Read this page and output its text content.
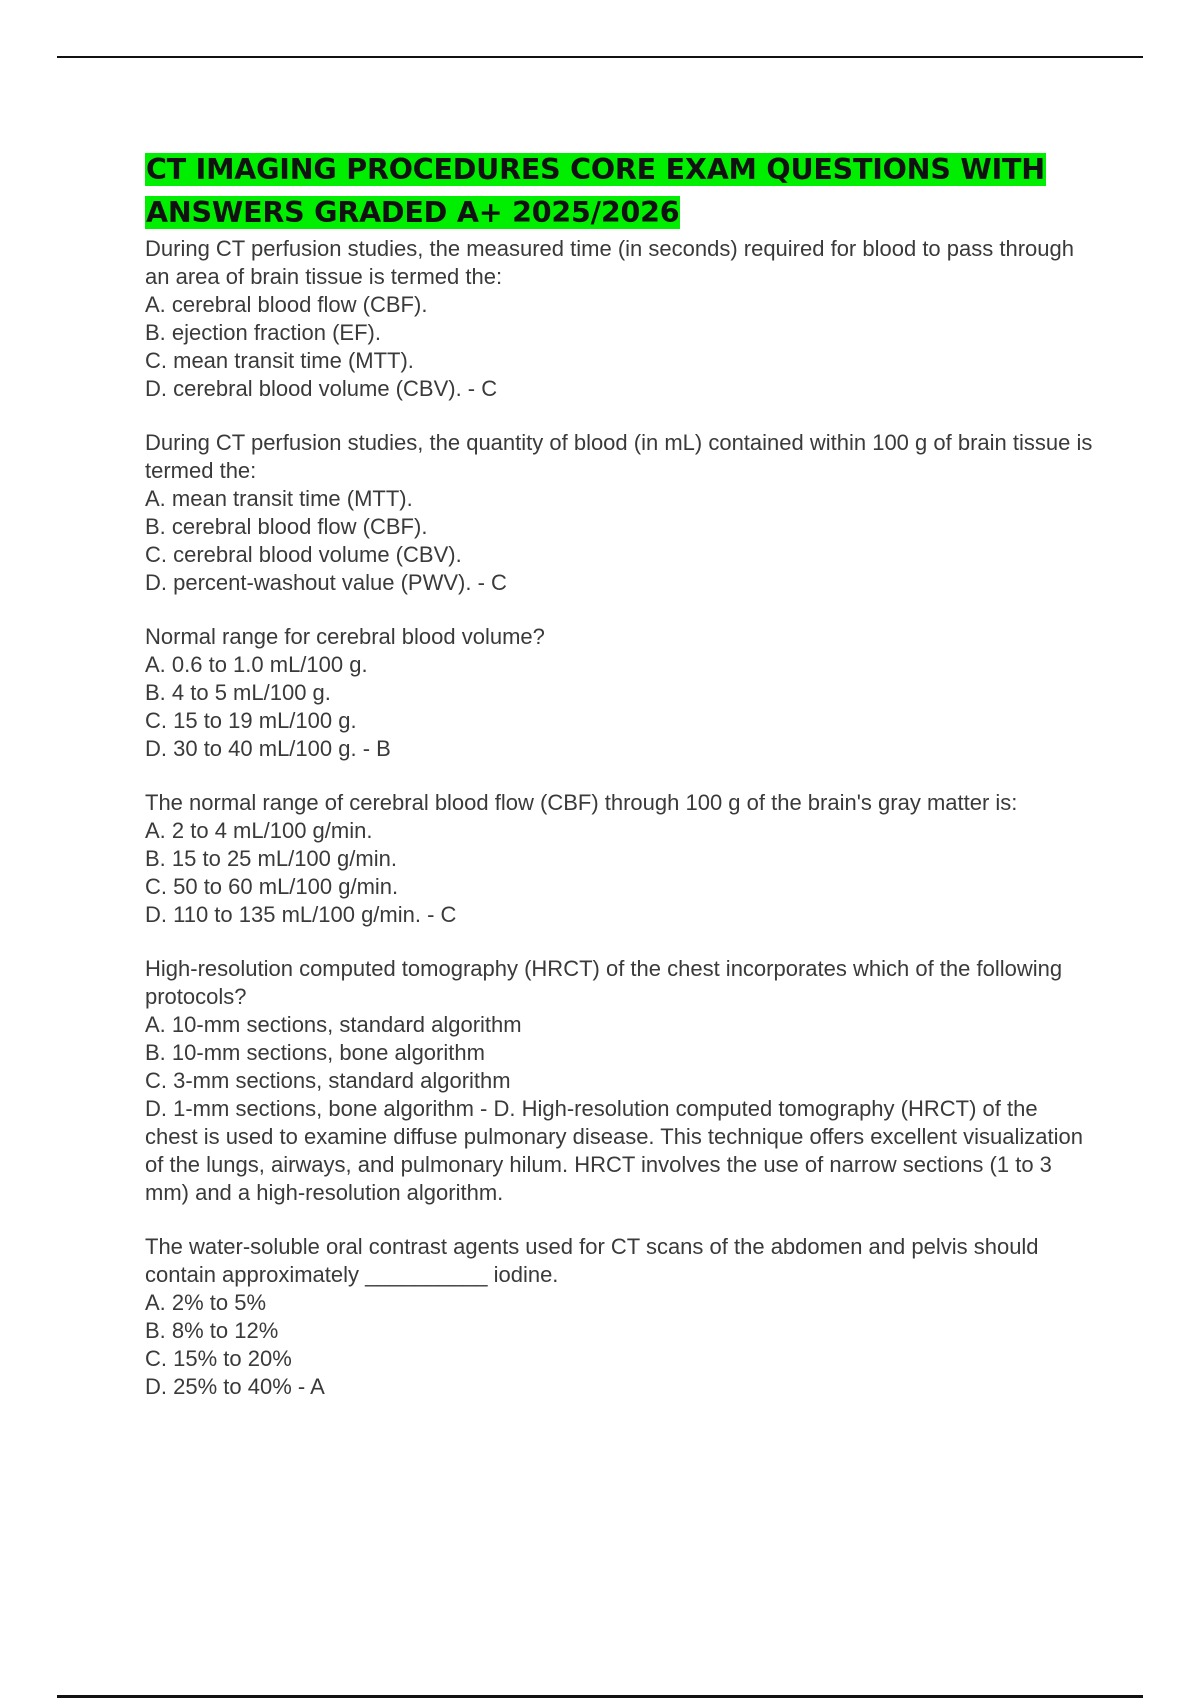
CT IMAGING PROCEDURES CORE EXAM QUESTIONS WITH
ANSWERS GRADED A+ 2025/2026

During CT perfusion studies, the measured time (in seconds) required for blood to pass through an area of brain tissue is termed the:

A. cerebral blood flow (CBF).

B. ejection fraction (EF).

C. mean transit time (MTT).

D. cerebral blood volume (CBV). - C

During CT perfusion studies, the quantity of blood (in mL) contained within 100 g of brain tissue is termed the:

A. mean transit time (MTT).

B. cerebral blood flow (CBF).

C. cerebral blood volume (CBV).

D. percent-washout value (PWV). - C

Normal range for cerebral blood volume?

A. 0.6 to 1.0 mL/100 g.

B. 4 to 5 mL/100 g.

C. 15 to 19 mL/100 g.

D. 30 to 40 mL/100 g. - B

The normal range of cerebral blood flow (CBF) through 100 g of the brain's gray matter is:

A. 2 to 4 mL/100 g/min.

B. 15 to 25 mL/100 g/min.

C. 50 to 60 mL/100 g/min.

D. 110 to 135 mL/100 g/min. - C

High-resolution computed tomography (HRCT) of the chest incorporates which of the following protocols?

A. 10-mm sections, standard algorithm

B. 10-mm sections, bone algorithm

C. 3-mm sections, standard algorithm

D. 1-mm sections, bone algorithm - D. High-resolution computed tomography (HRCT) of the chest is used to examine diffuse pulmonary disease. This technique offers excellent visualization of the lungs, airways, and pulmonary hilum. HRCT involves the use of narrow sections (1 to 3 mm) and a high-resolution algorithm.

The water-soluble oral contrast agents used for CT scans of the abdomen and pelvis should contain approximately __________ iodine.

A. 2% to 5%

B. 8% to 12%

C. 15% to 20%

D. 25% to 40% - A
